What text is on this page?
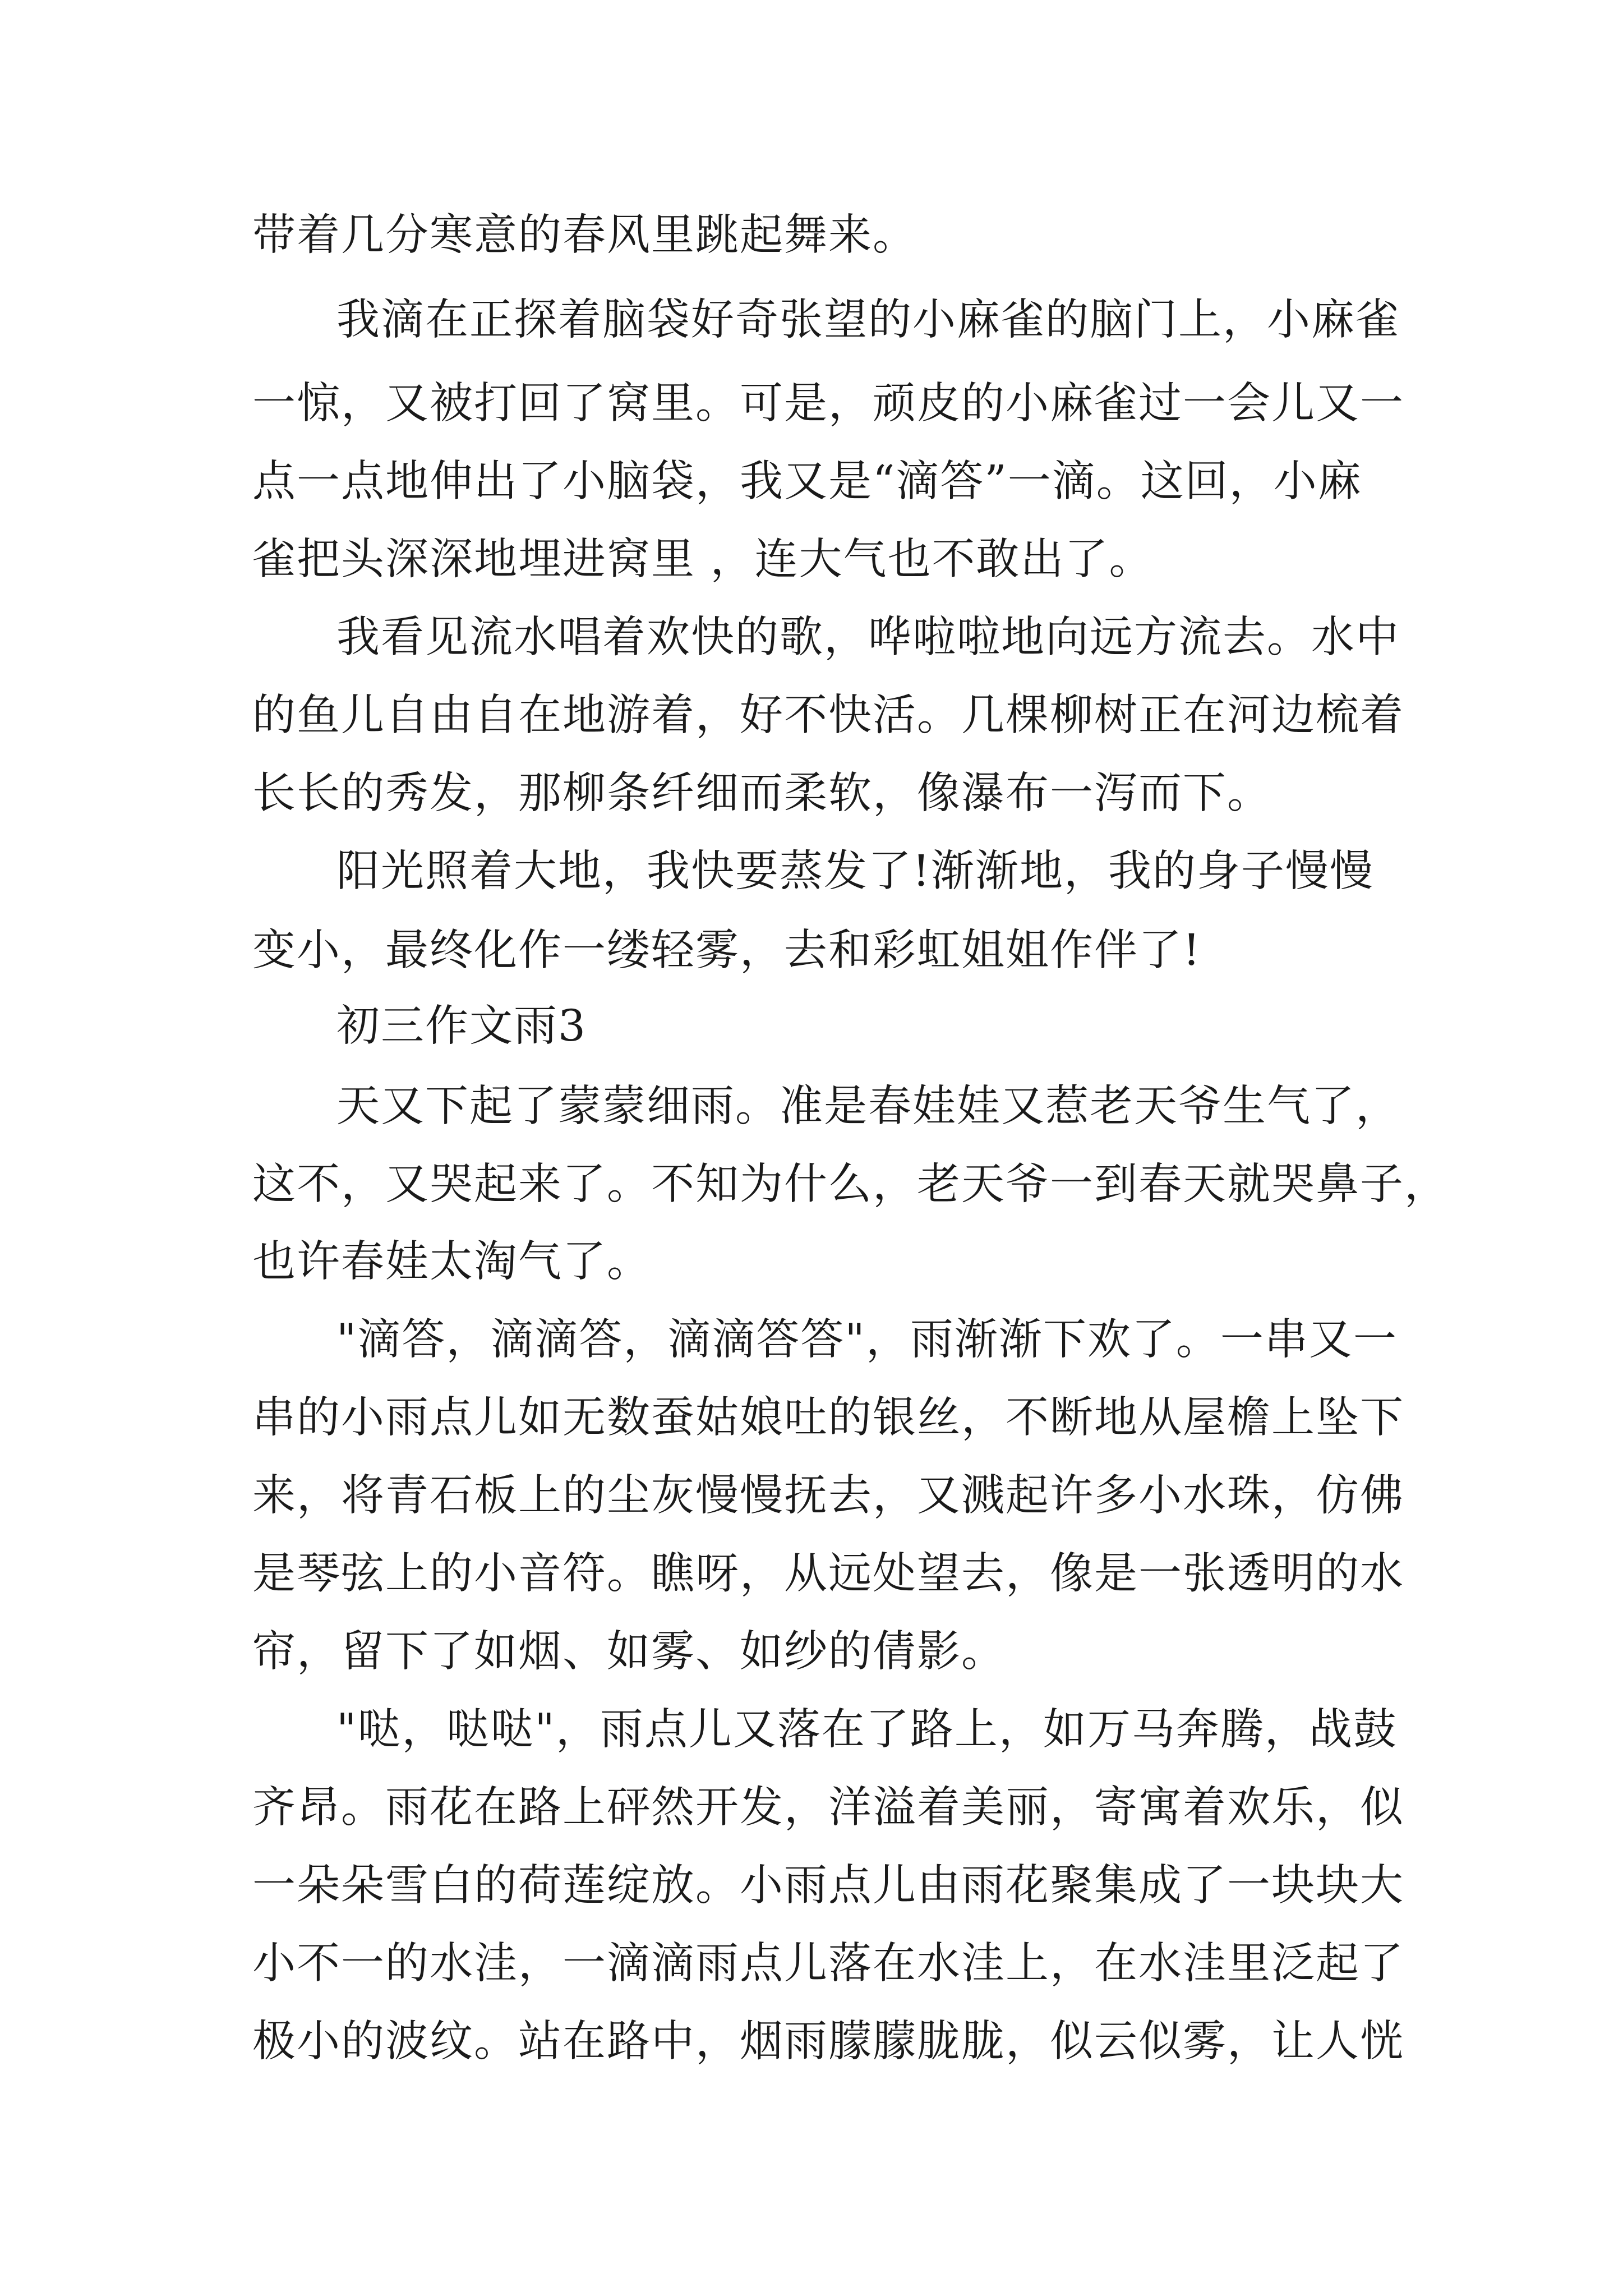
带着几分寒意的春风里跳起舞来。
我滴在正探着脑袋好奇张望的小麻雀的脑门上，小麻雀
一惊，又被打回了窝里。可是，顽皮的小麻雀过一会儿又一
点一点地伸出了小脑袋，我又是“滴答”一滴。这回，小麻
雀把头深深地埋进窝里 ，连大气也不敢出了。
我看见流水唱着欢快的歌，哗啦啦地向远方流去。水中
的鱼儿自由自在地游着，好不快活。几棵柳树正在河边梳着
长长的秀发，那柳条纤细而柔软，像瀑布一泻而下。
阳光照着大地，我快要蒸发了!渐渐地，我的身子慢慢
变小，最终化作一缕轻雾，去和彩虹姐姐作伴了!
初三作文雨3
天又下起了蒙蒙细雨。准是春娃娃又惹老天爷生气了，
这不，又哭起来了。不知为什么，老天爷一到春天就哭鼻子，
也许春娃太淘气了。
"滴答，滴滴答，滴滴答答"，雨渐渐下欢了。一串又一
串的小雨点儿如无数蚕姑娘吐的银丝，不断地从屋檐上坠下
来，将青石板上的尘灰慢慢抚去，又溅起许多小水珠，仿佛
是琴弦上的小音符。瞧呀，从远处望去，像是一张透明的水
帘，留下了如烟、如雾、如纱的倩影。
"哒，哒哒"，雨点儿又落在了路上，如万马奔腾，战鼓
齐昂。雨花在路上砰然开发，洋溢着美丽，寄寓着欢乐，似
一朵朵雪白的荷莲绽放。小雨点儿由雨花聚集成了一块块大
小不一的水洼，一滴滴雨点儿落在水洼上，在水洼里泛起了
极小的波纹。站在路中，烟雨朦朦胧胧，似云似雾，让人恍
